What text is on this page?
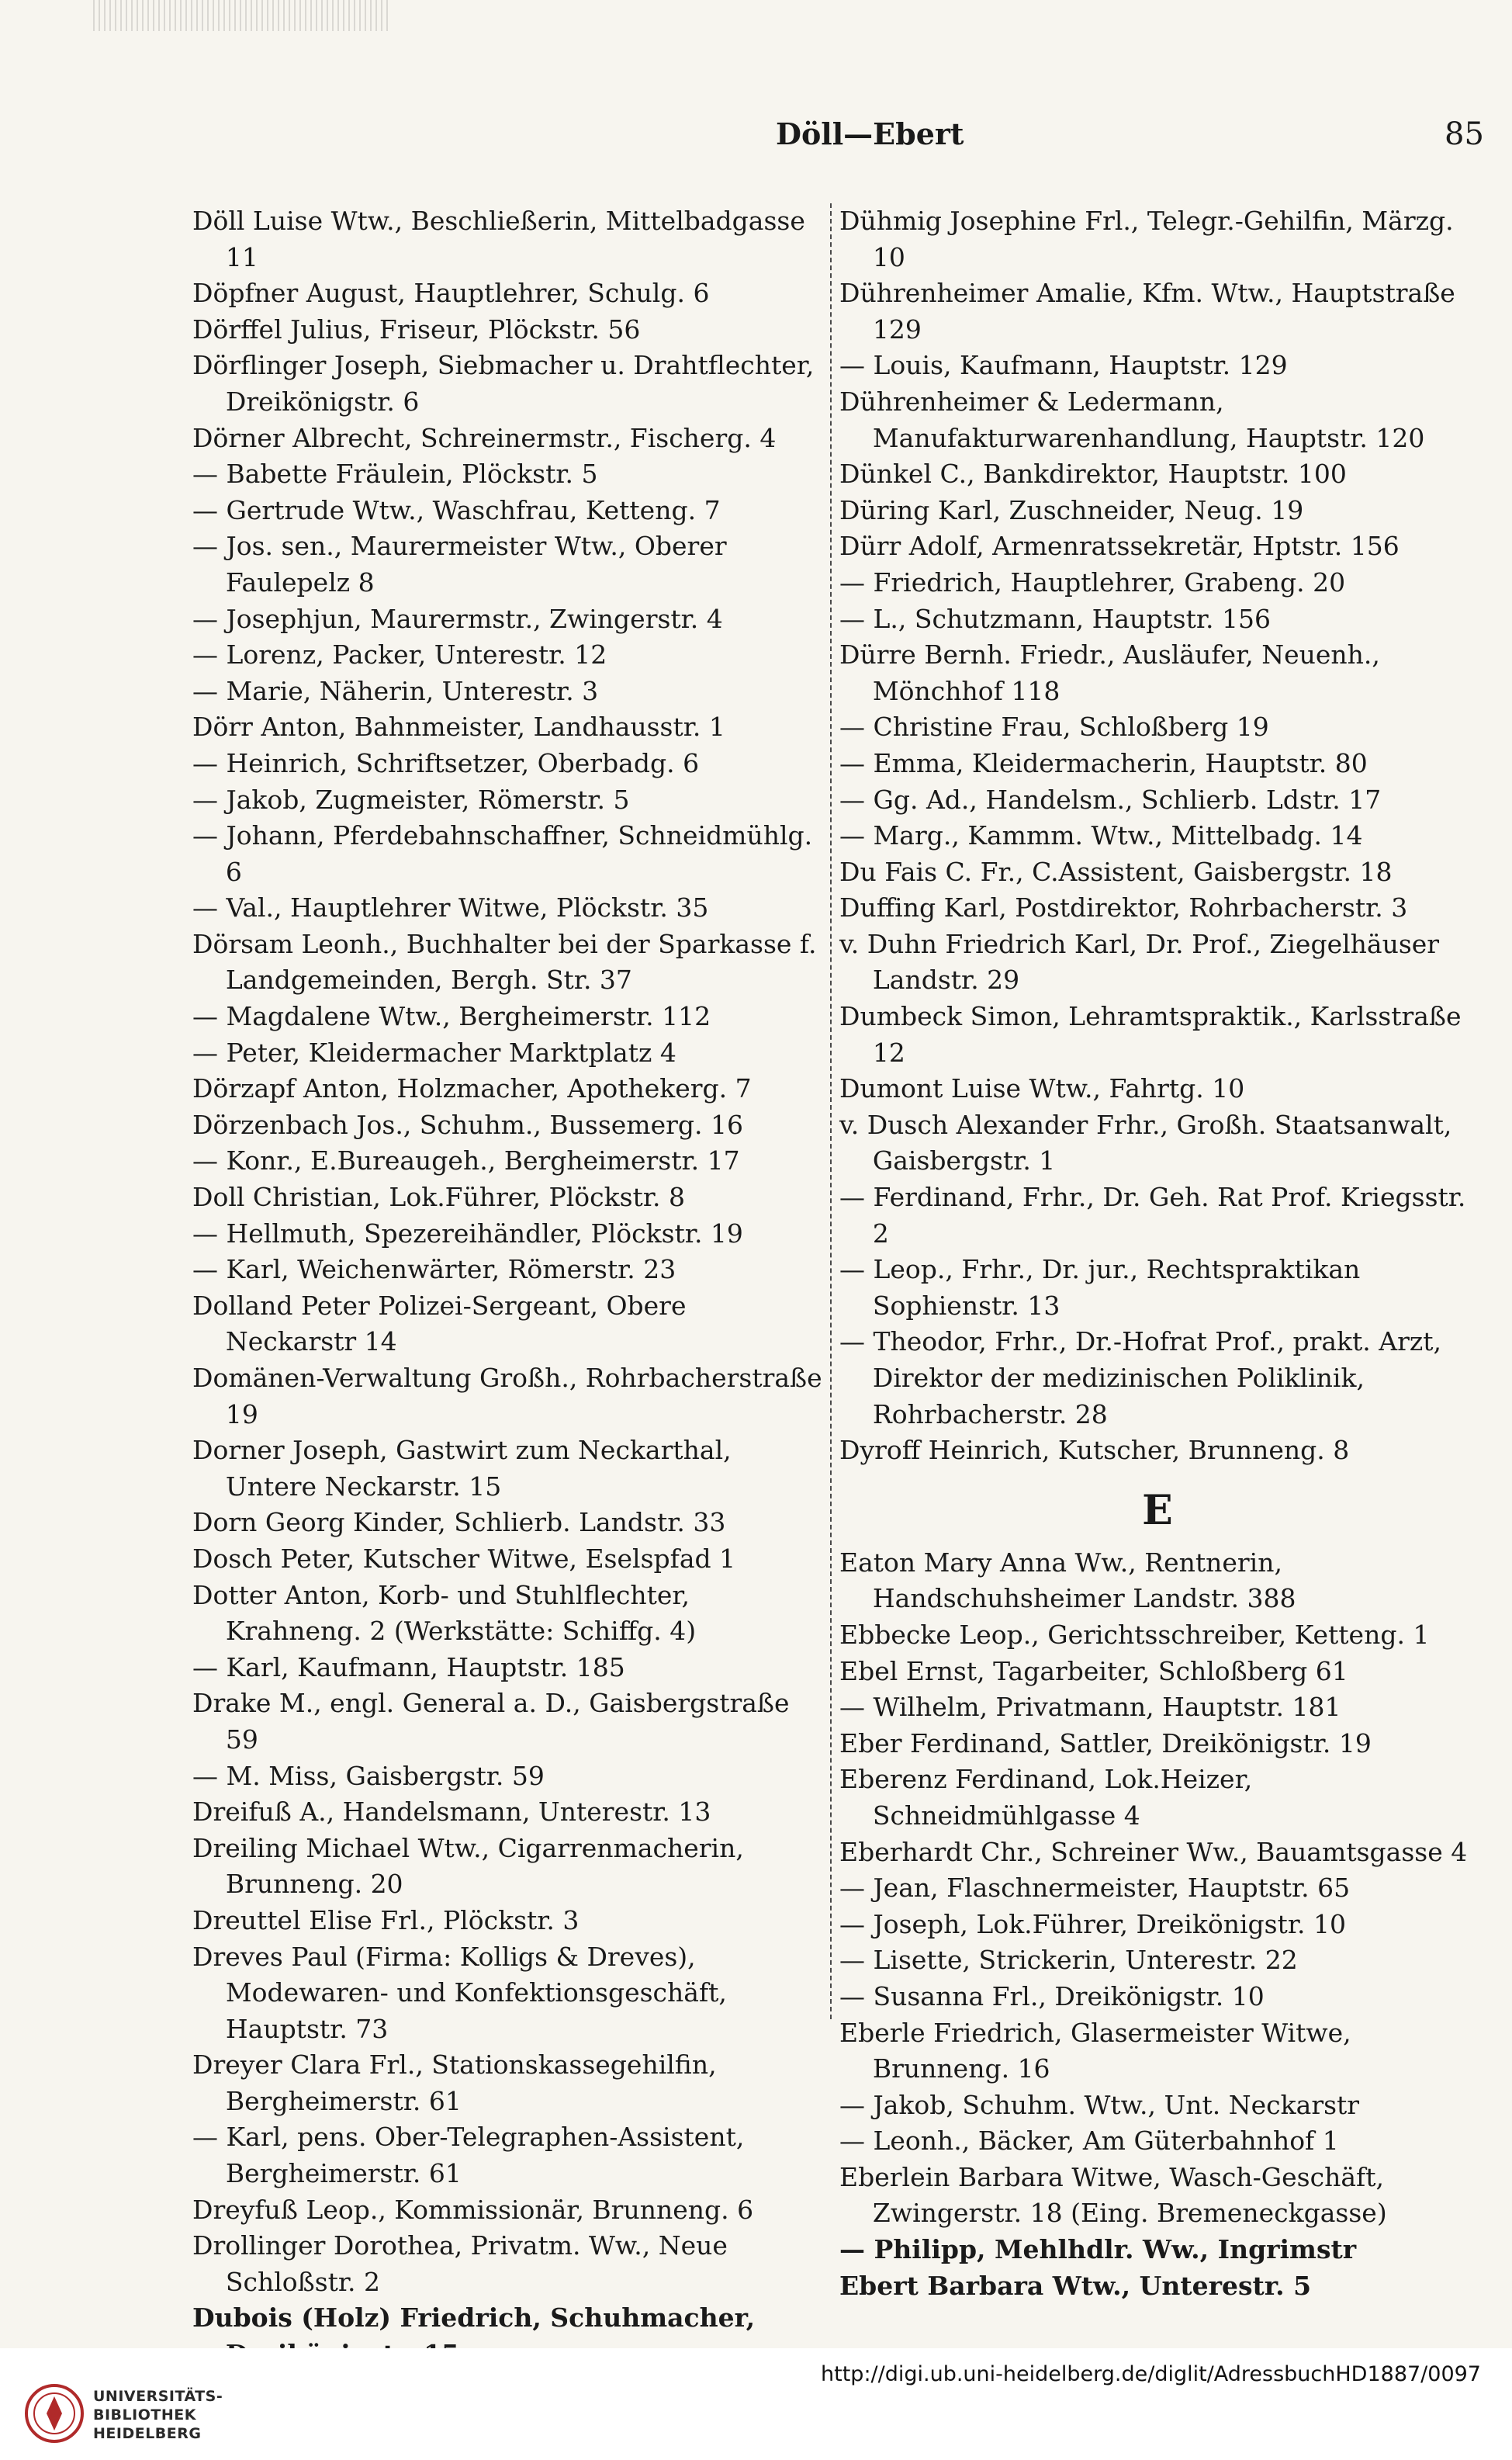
Döll—Ebert	85

Döll Luise Wtw., Beschließerin, Mittelbadgasse 11

Döpfner August, Hauptlehrer, Schulg. 6

Dörffel Julius, Friseur, Plöckstr. 56

Dörflinger Joseph, Siebmacher u. Drahtflechter, Dreikönigstr. 6

Dörner Albrecht, Schreinermstr., Fischerg. 4

— Babette Fräulein, Plöckstr. 5

— Gertrude Wtw., Waschfrau, Ketteng. 7

— Jos. sen., Maurermeister Wtw., Oberer Faulepelz 8

— Josephjun, Maurermstr., Zwingerstr. 4

— Lorenz, Packer, Unterestr. 12

— Marie, Näherin, Unterestr. 3

Dörr Anton, Bahnmeister, Landhausstr. 1

— Heinrich, Schriftsetzer, Oberbadg. 6

— Jakob, Zugmeister, Römerstr. 5

— Johann, Pferdebahnschaffner, Schneidmühlg. 6

— Val., Hauptlehrer Witwe, Plöckstr. 35

Dörsam Leonh., Buchhalter bei der Sparkasse f. Landgemeinden, Bergh. Str. 37

— Magdalene Wtw., Bergheimerstr. 112

— Peter, Kleidermacher Marktplatz 4

Dörzapf Anton, Holzmacher, Apothekerg. 7

Dörzenbach Jos., Schuhm., Bussemerg. 16

— Konr., E.Bureaugeh., Bergheimerstr. 17

Doll Christian, Lok.Führer, Plöckstr. 8

— Hellmuth, Spezereihändler, Plöckstr. 19

— Karl, Weichenwärter, Römerstr. 23

Dolland Peter Polizei-Sergeant, Obere Neckarstr 14

Domänen-Verwaltung Großh., Rohrbacherstraße 19

Dorner Joseph, Gastwirt zum Neckarthal, Untere Neckarstr. 15

Dorn Georg Kinder, Schlierb. Landstr. 33

Dosch Peter, Kutscher Witwe, Eselspfad 1

Dotter Anton, Korb- und Stuhlflechter, Krahneng. 2 (Werkstätte: Schiffg. 4)

— Karl, Kaufmann, Hauptstr. 185

Drake M., engl. General a. D., Gaisbergstraße 59

— M. Miss, Gaisbergstr. 59

Dreifuß A., Handelsmann, Unterestr. 13

Dreiling Michael Wtw., Cigarrenmacherin, Brunneng. 20

Dreuttel Elise Frl., Plöckstr. 3

Dreves Paul (Firma: Kolligs & Dreves), Modewaren- und Konfektionsgeschäft, Hauptstr. 73

Dreyer Clara Frl., Stationskassegehilfin, Bergheimerstr. 61

— Karl, pens. Ober-Telegraphen-Assistent, Bergheimerstr. 61

Dreyfuß Leop., Kommissionär, Brunneng. 6

Drollinger Dorothea, Privatm. Ww., Neue Schloßstr. 2

Dubois (Holz) Friedrich, Schuhmacher,

Dühmig Josephine Frl., Telegr.-Gehilfin, Märzg. 10

Dührenheimer Amalie, Kfm. Wtw., Hauptstraße 129

— Louis, Kaufmann, Hauptstr. 129

Dührenheimer & Ledermann, Manufakturwarenhandlung, Hauptstr. 120

Dünkel C., Bankdirektor, Hauptstr. 100

Düring Karl, Zuschneider, Neug. 19

Dürr Adolf, Armenratssekretär, Hptstr. 156

— Friedrich, Hauptlehrer, Grabeng. 20

— L., Schutzmann, Hauptstr. 156

Dürre Bernh. Friedr., Ausläufer, Neuenh., Mönchhof 118

— Christine Frau, Schloßberg 19

— Emma, Kleidermacherin, Hauptstr. 80

— Gg. Ad., Handelsm., Schlierb. Ldstr. 17

— Marg., Kammm. Wtw., Mittelbadg. 14

Du Fais C. Fr., C.Assistent, Gaisbergstr. 18

Duffing Karl, Postdirektor, Rohrbacherstr. 3

v. Duhn Friedrich Karl, Dr. Prof., Ziegelhäuser Landstr. 29

Dumbeck Simon, Lehramtspraktik., Karlsstraße 12

Dumont Luise Wtw., Fahrtg. 10

v. Dusch Alexander Frhr., Großh. Staatsanwalt, Gaisbergstr. 1

— Ferdinand, Frhr., Dr. Geh. Rat Prof. Kriegsstr. 2

— Leop., Frhr., Dr. jur., Rechtspraktikan Sophienstr. 13

— Theodor, Frhr., Dr.-Hofrat Prof., prakt. Arzt, Direktor der medizinischen Poliklinik, Rohrbacherstr. 28

Dyroff Heinrich, Kutscher, Brunneng. 8

E

Eaton Mary Anna Ww., Rentnerin, Handschuhsheimer Landstr. 388

Ebbecke Leop., Gerichtsschreiber, Ketteng. 1

Ebel Ernst, Tagarbeiter, Schloßberg 61

— Wilhelm, Privatmann, Hauptstr. 181

Eber Ferdinand, Sattler, Dreikönigstr. 19

Eberenz Ferdinand, Lok.Heizer, Schneidmühlgasse 4

Eberhardt Chr., Schreiner Ww., Bauamtsgasse 4

— Jean, Flaschnermeister, Hauptstr. 65

— Joseph, Lok.Führer, Dreikönigstr. 10

— Lisette, Strickerin, Unterestr. 22

— Susanna Frl., Dreikönigstr. 10

Eberle Friedrich, Glasermeister Witwe, Brunneng. 16

— Jakob, Schuhm. Wtw., Unt. Neckarstr

— Leonh., Bäcker, Am Güterbahnhof 1

Eberlein Barbara Witwe, Wasch-Geschäft, Zwingerstr. 18 (Eing. Bremeneckgasse)

— Philipp, Mehlhdlr. Ww., Ingrimstr

Ebert Barbara Wtw., Unterestr. 5

UNIVERSITÄTS-
BIBLIOTHEK
HEIDELBERG
http://digi.ub.uni-heidelberg.de/diglit/AdressbuchHD1887/0097
